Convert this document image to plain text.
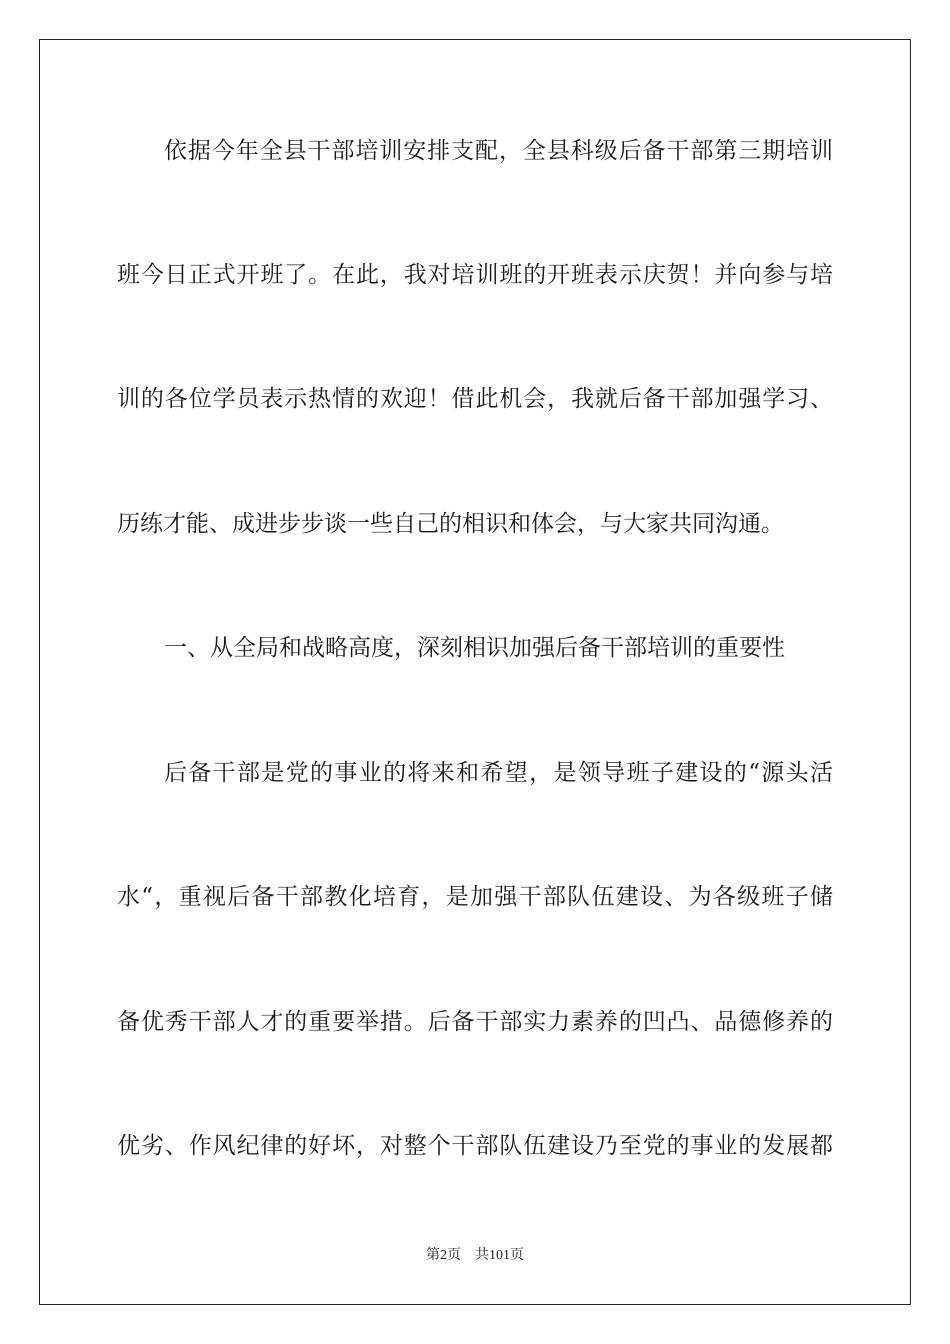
依据今年全县干部培训安排支配，全县科级后备干部第三期培训
班今日正式开班了。在此，我对培训班的开班表示庆贺！并向参与培
训的各位学员表示热情的欢迎！借此机会，我就后备干部加强学习、
历练才能、成进步步谈一些自己的相识和体会，与大家共同沟通。
一、从全局和战略高度，深刻相识加强后备干部培训的重要性
后备干部是党的事业的将来和希望，是领导班子建设的“源头活
水“，重视后备干部教化培育，是加强干部队伍建设、为各级班子储
备优秀干部人才的重要举措。后备干部实力素养的凹凸、品德修养的
优劣、作风纪律的好坏，对整个干部队伍建设乃至党的事业的发展都
第2页 共101页
